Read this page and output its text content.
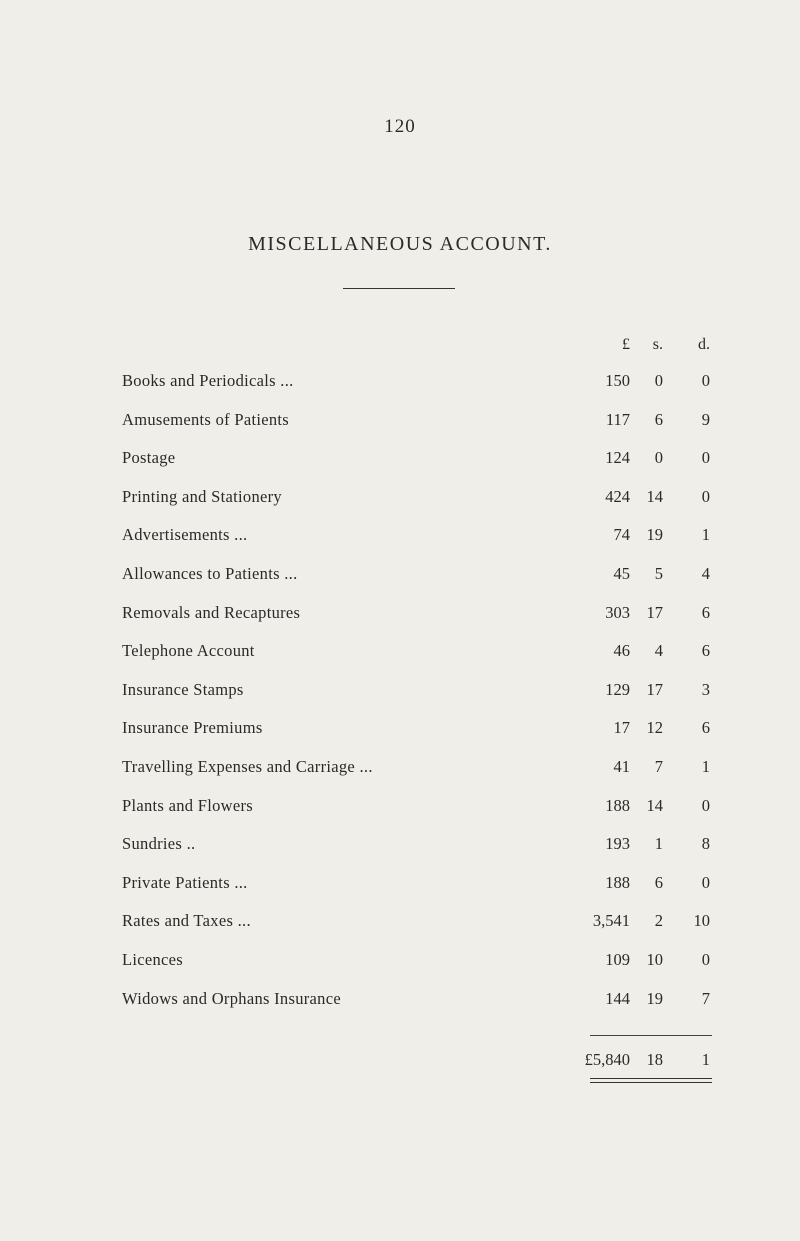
120
MISCELLANEOUS ACCOUNT.
£	s.	d.
Books and Periodicals ...	150	0	0
Amusements of Patients	117	6	9
Postage	124	0	0
Printing and Stationery	424	14	0
Advertisements ...	74	19	1
Allowances to Patients ...	45	5	4
Removals and Recaptures	303	17	6
Telephone Account	46	4	6
Insurance Stamps	129	17	3
Insurance Premiums	17	12	6
Travelling Expenses and Carriage ...	41	7	1
Plants and Flowers	188	14	0
Sundries ..	193	1	8
Private Patients ...	188	6	0
Rates and Taxes ...	3,541	2	10
Licences	109	10	0
Widows and Orphans Insurance	144	19	7
£5,840	18	1
